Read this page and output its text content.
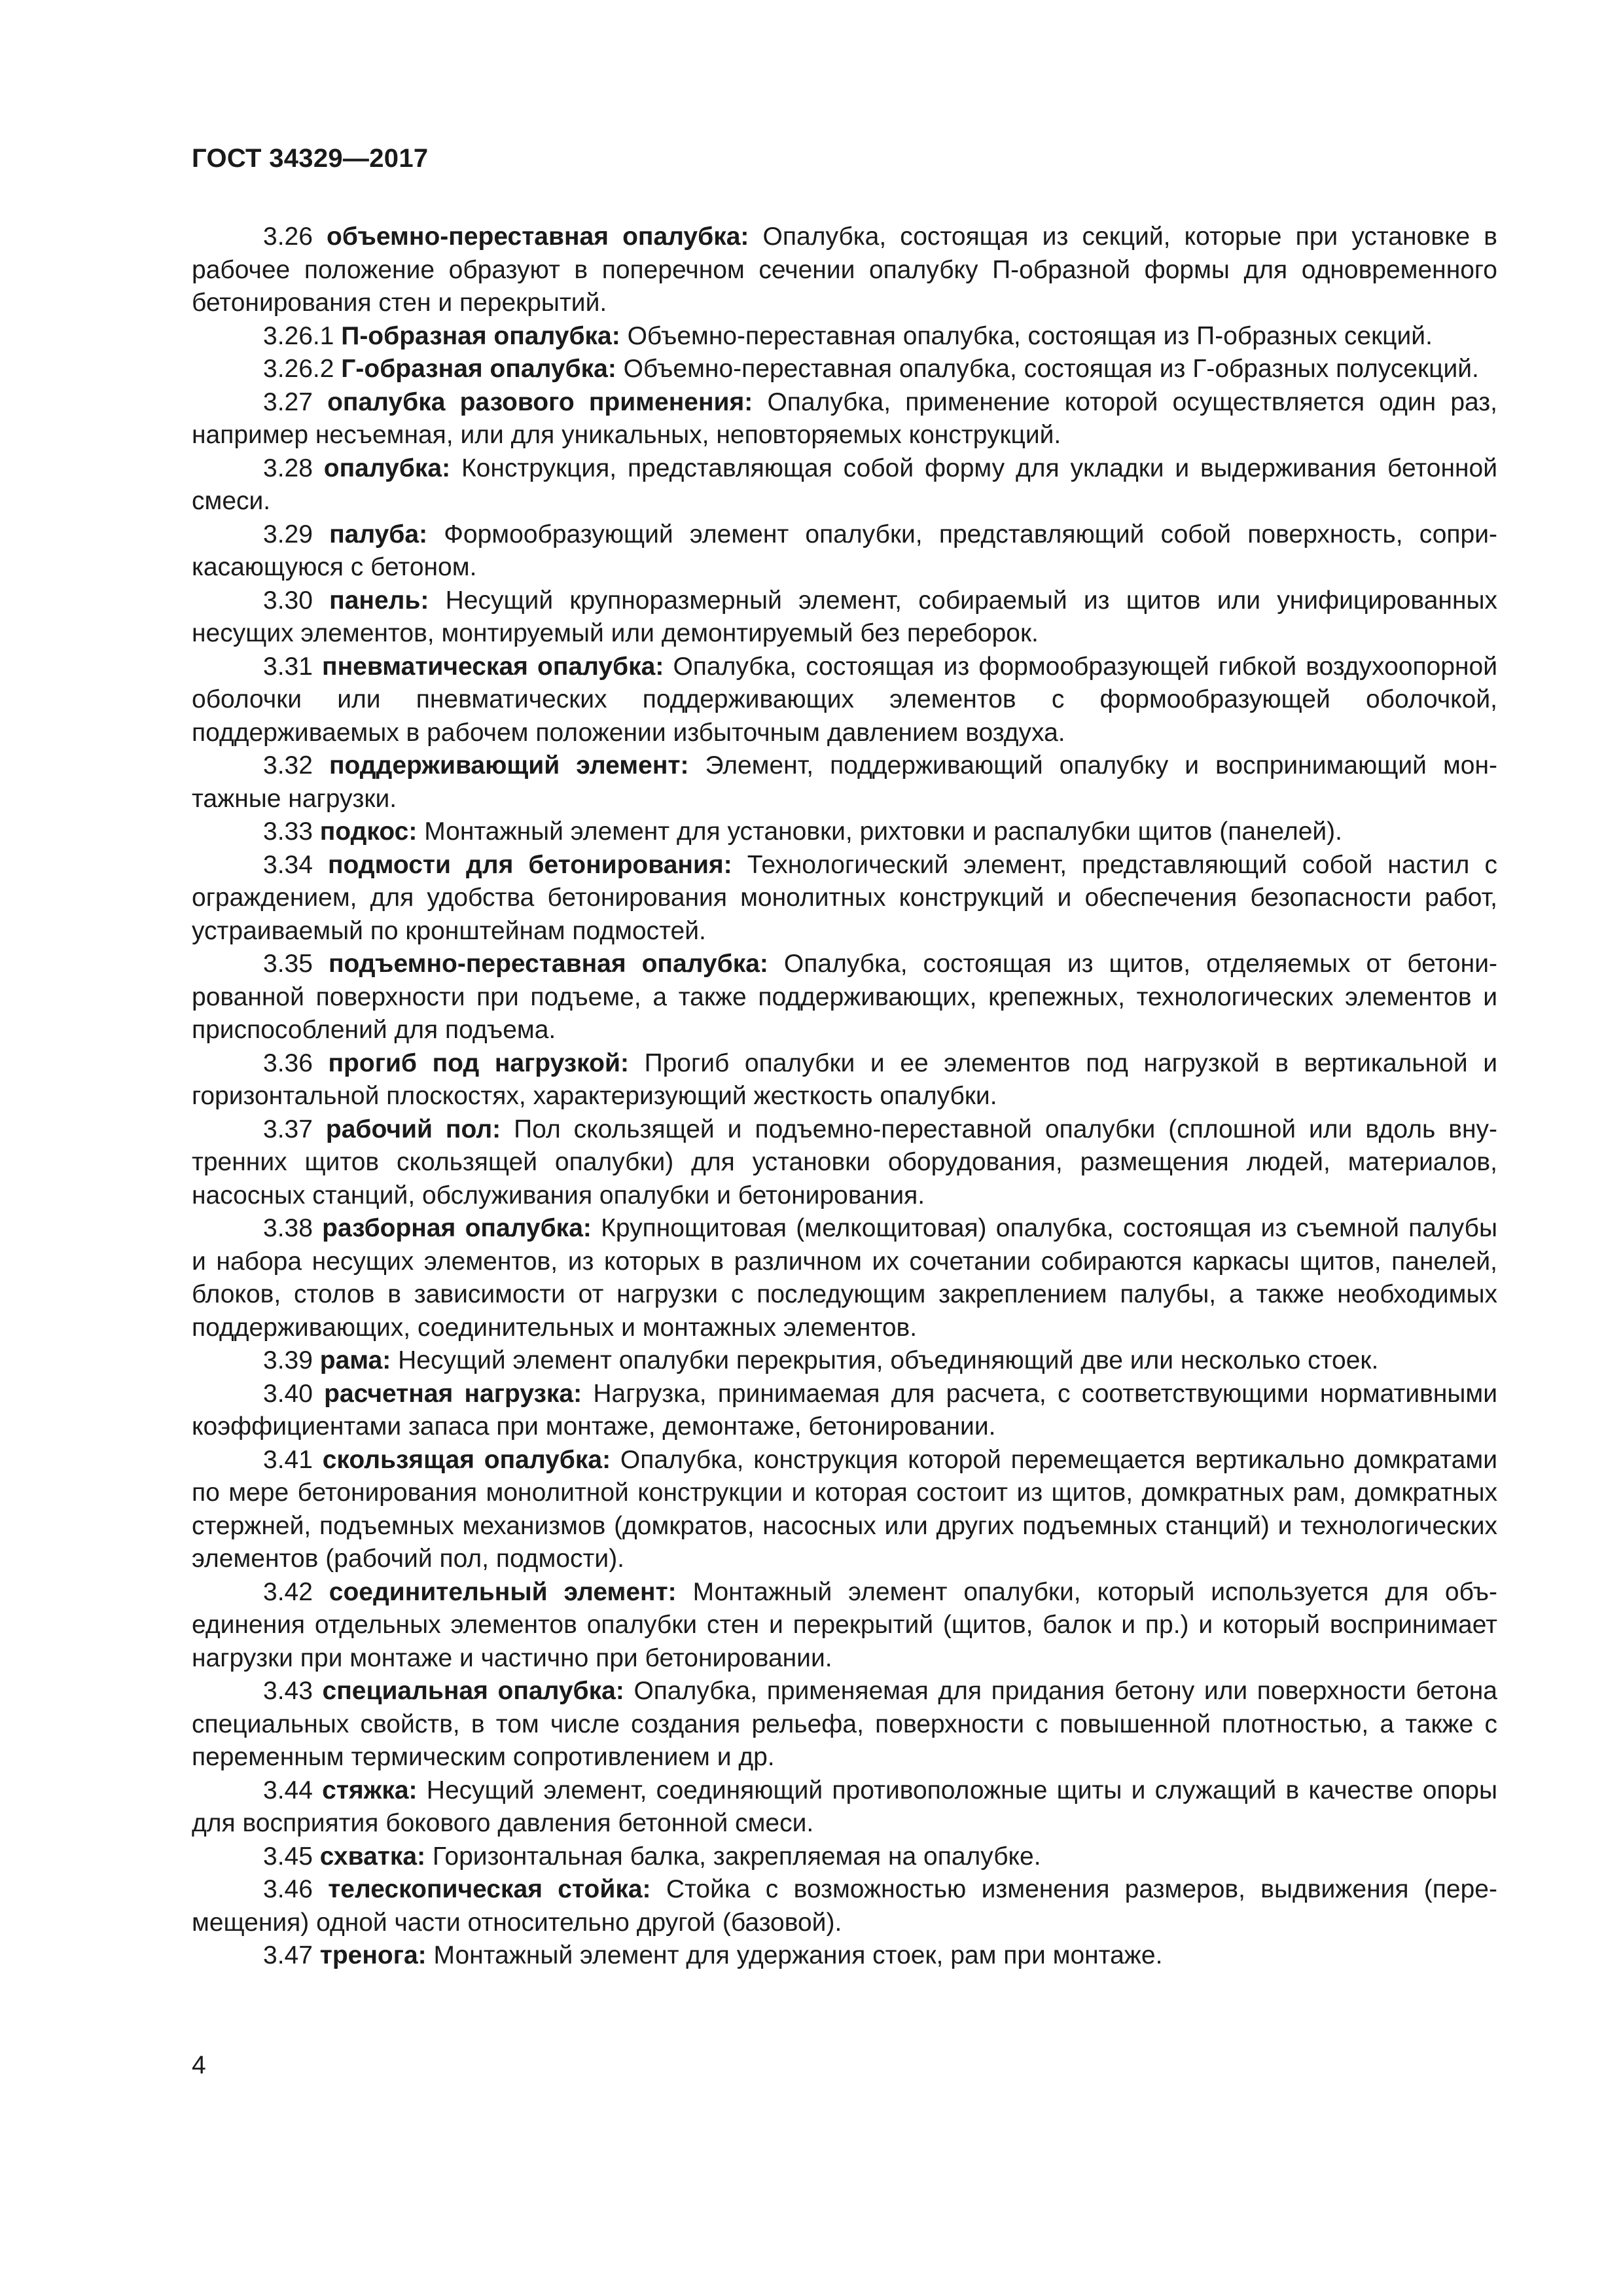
ГОСТ 34329—2017

3.26 объемно-переставная опалубка: Опалубка, состоящая из секций, которые при установке в рабочее положение образуют в поперечном сечении опалубку П-образной формы для одновременного бетонирования стен и перекрытий.

3.26.1 П-образная опалубка: Объемно-переставная опалубка, состоящая из П-образных секций.

3.26.2 Г-образная опалубка: Объемно-переставная опалубка, состоящая из Г-образных полусекций.

3.27 опалубка разового применения: Опалубка, применение которой осуществляется один раз, например несъемная, или для уникальных, неповторяемых конструкций.

3.28 опалубка: Конструкция, представляющая собой форму для укладки и выдерживания бетонной смеси.

3.29 палуба: Формообразующий элемент опалубки, представляющий собой поверхность, соприкасающуюся с бетоном.

3.30 панель: Несущий крупноразмерный элемент, собираемый из щитов или унифицированных несущих элементов, монтируемый или демонтируемый без переборок.

3.31 пневматическая опалубка: Опалубка, состоящая из формообразующей гибкой воздухоопорной оболочки или пневматических поддерживающих элементов с формообразующей оболочкой, поддерживаемых в рабочем положении избыточным давлением воздуха.

3.32 поддерживающий элемент: Элемент, поддерживающий опалубку и воспринимающий монтажные нагрузки.

3.33 подкос: Монтажный элемент для установки, рихтовки и распалубки щитов (панелей).

3.34 подмости для бетонирования: Технологический элемент, представляющий собой настил с ограждением, для удобства бетонирования монолитных конструкций и обеспечения безопасности работ, устраиваемый по кронштейнам подмостей.

3.35 подъемно-переставная опалубка: Опалубка, состоящая из щитов, отделяемых от бетонированной поверхности при подъеме, а также поддерживающих, крепежных, технологических элементов и приспособлений для подъема.

3.36 прогиб под нагрузкой: Прогиб опалубки и ее элементов под нагрузкой в вертикальной и горизонтальной плоскостях, характеризующий жесткость опалубки.

3.37 рабочий пол: Пол скользящей и подъемно-переставной опалубки (сплошной или вдоль внутренних щитов скользящей опалубки) для установки оборудования, размещения людей, материалов, насосных станций, обслуживания опалубки и бетонирования.

3.38 разборная опалубка: Крупнощитовая (мелкощитовая) опалубка, состоящая из съемной палубы и набора несущих элементов, из которых в различном их сочетании собираются каркасы щитов, панелей, блоков, столов в зависимости от нагрузки с последующим закреплением палубы, а также необходимых поддерживающих, соединительных и монтажных элементов.

3.39 рама: Несущий элемент опалубки перекрытия, объединяющий две или несколько стоек.

3.40 расчетная нагрузка: Нагрузка, принимаемая для расчета, с соответствующими нормативными коэффициентами запаса при монтаже, демонтаже, бетонировании.

3.41 скользящая опалубка: Опалубка, конструкция которой перемещается вертикально домкратами по мере бетонирования монолитной конструкции и которая состоит из щитов, домкратных рам, домкратных стержней, подъемных механизмов (домкратов, насосных или других подъемных станций) и технологических элементов (рабочий пол, подмости).

3.42 соединительный элемент: Монтажный элемент опалубки, который используется для объединения отдельных элементов опалубки стен и перекрытий (щитов, балок и пр.) и который воспринимает нагрузки при монтаже и частично при бетонировании.

3.43 специальная опалубка: Опалубка, применяемая для придания бетону или поверхности бетона специальных свойств, в том числе создания рельефа, поверхности с повышенной плотностью, а также с переменным термическим сопротивлением и др.

3.44 стяжка: Несущий элемент, соединяющий противоположные щиты и служащий в качестве опоры для восприятия бокового давления бетонной смеси.

3.45 схватка: Горизонтальная балка, закрепляемая на опалубке.

3.46 телескопическая стойка: Стойка с возможностью изменения размеров, выдвижения (перемещения) одной части относительно другой (базовой).

3.47 тренога: Монтажный элемент для удержания стоек, рам при монтаже.

4
